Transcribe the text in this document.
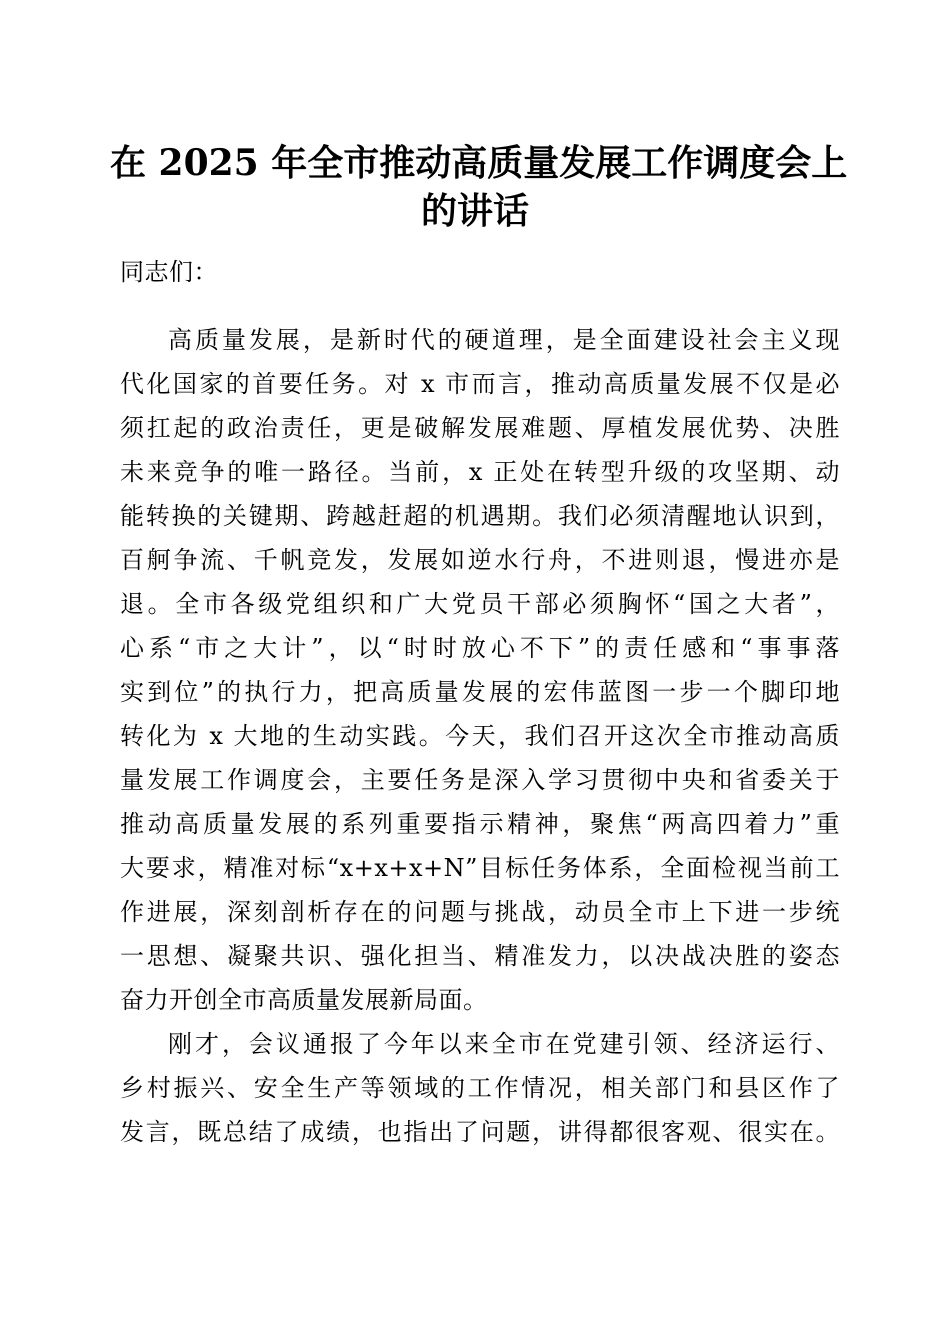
在 2025 年全市推动高质量发展工作调度会上
的讲话
同志们：
高质量发展，是新时代的硬道理，是全面建设社会主义现
代化国家的首要任务。对 x 市而言，推动高质量发展不仅是必
须扛起的政治责任，更是破解发展难题、厚植发展优势、决胜
未来竞争的唯一路径。当前，x 正处在转型升级的攻坚期、动
能转换的关键期、跨越赶超的机遇期。我们必须清醒地认识到，
百舸争流、千帆竞发，发展如逆水行舟，不进则退，慢进亦是
退。全市各级党组织和广大党员干部必须胸怀“国之大者”，
心系“市之大计”，以“时时放心不下”的责任感和“事事落
实到位”的执行力，把高质量发展的宏伟蓝图一步一个脚印地
转化为 x 大地的生动实践。今天，我们召开这次全市推动高质
量发展工作调度会，主要任务是深入学习贯彻中央和省委关于
推动高质量发展的系列重要指示精神，聚焦“两高四着力”重
大要求，精准对标“x+x+x+N”目标任务体系，全面检视当前工
作进展，深刻剖析存在的问题与挑战，动员全市上下进一步统
一思想、凝聚共识、强化担当、精准发力，以决战决胜的姿态
奋力开创全市高质量发展新局面。
刚才，会议通报了今年以来全市在党建引领、经济运行、
乡村振兴、安全生产等领域的工作情况，相关部门和县区作了
发言，既总结了成绩，也指出了问题，讲得都很客观、很实在。
